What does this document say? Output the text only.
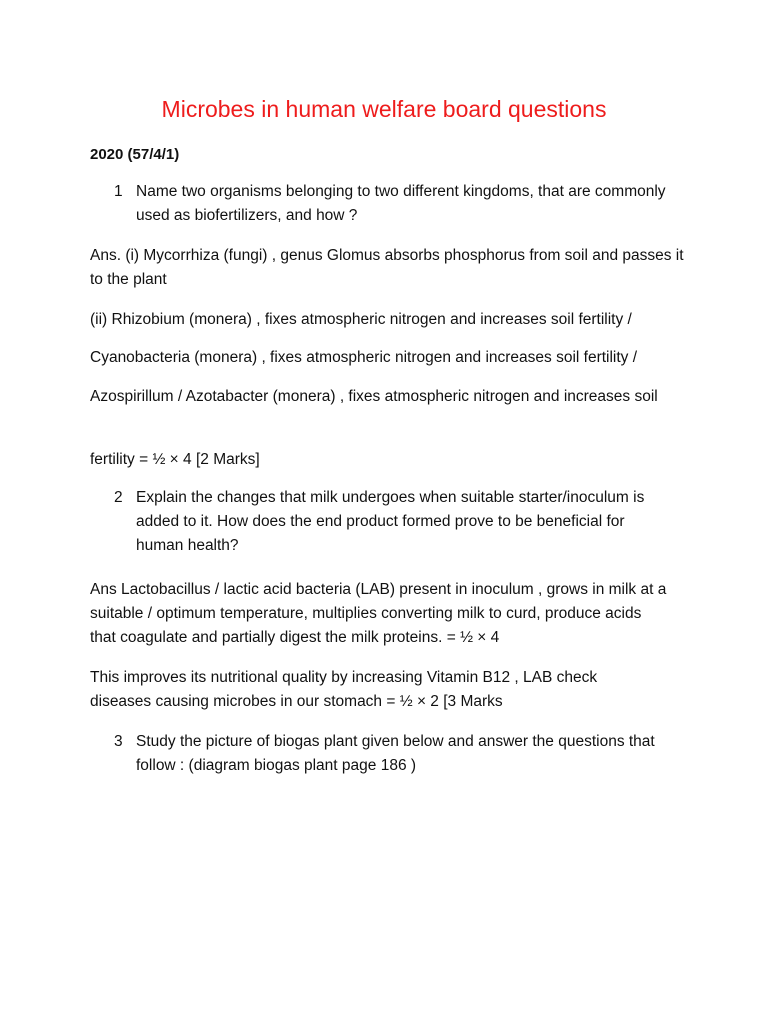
Microbes in human welfare board questions

2020 (57/4/1)

1 Name two organisms belonging to two different kingdoms, that are commonly used as biofertilizers, and how ?

Ans. (i) Mycorrhiza (fungi) , genus Glomus absorbs phosphorus from soil and passes it to the plant

(ii) Rhizobium (monera) , fixes atmospheric nitrogen and increases soil fertility /

Cyanobacteria (monera) , fixes atmospheric nitrogen and increases soil fertility /

Azospirillum / Azotabacter (monera) , fixes atmospheric nitrogen and increases soil

fertility = ½ × 4 [2 Marks]

2 Explain the changes that milk undergoes when suitable starter/inoculum is added to it. How does the end product formed prove to be beneficial for human health?

Ans Lactobacillus / lactic acid bacteria (LAB) present in inoculum , grows in milk at a suitable / optimum temperature, multiplies converting milk to curd, produce acids that coagulate and partially digest the milk proteins. = ½ × 4

This improves its nutritional quality by increasing Vitamin B12 , LAB check diseases causing microbes in our stomach = ½ × 2 [3 Marks

3 Study the picture of biogas plant given below and answer the questions that follow : (diagram biogas plant page 186 )
